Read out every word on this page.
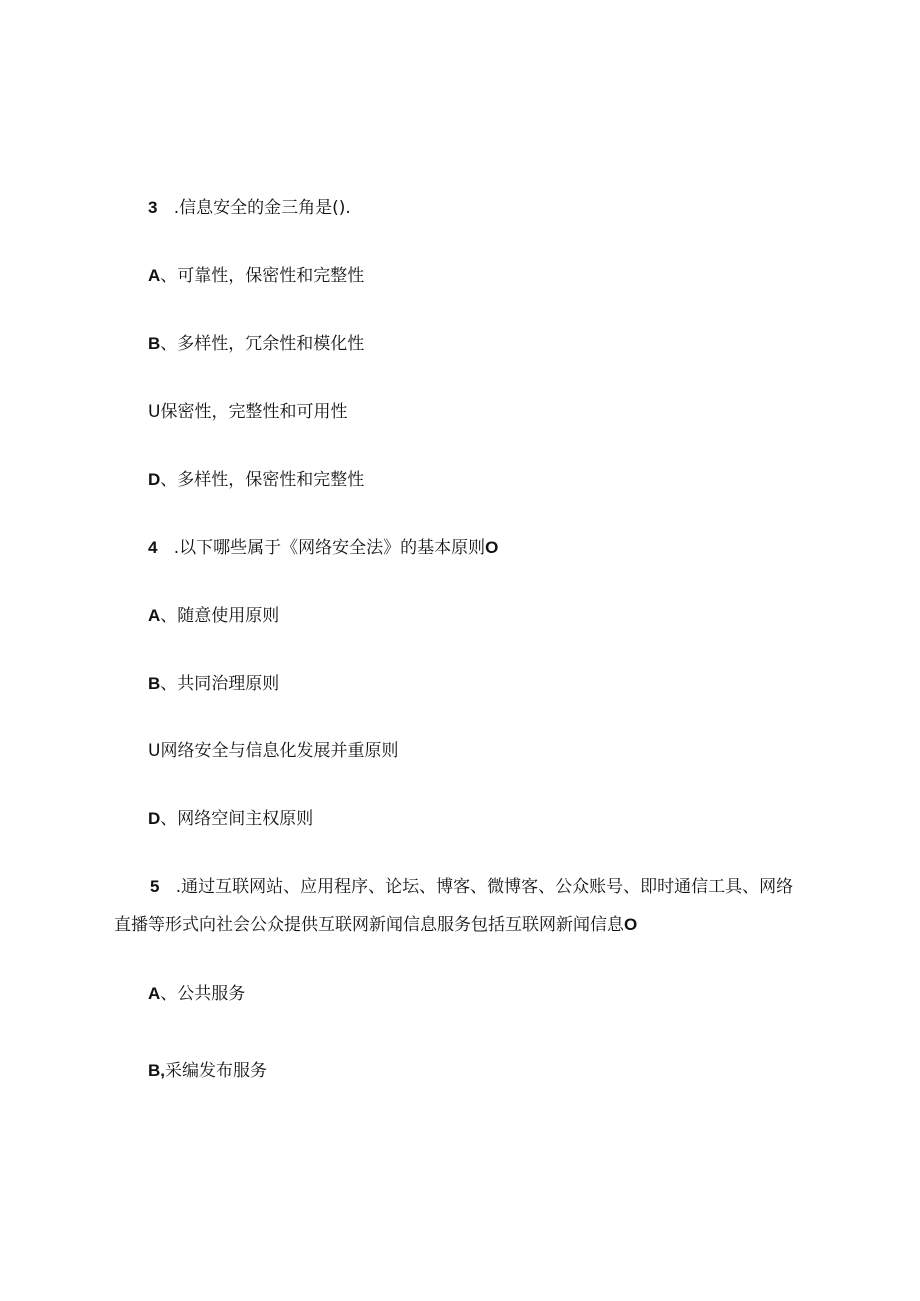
3 .信息安全的金三角是().
A、可靠性，保密性和完整性
B、多样性，冗余性和模化性
U保密性，完整性和可用性
D、多样性，保密性和完整性
4 .以下哪些属于《网络安全法》的基本原则O
A、随意使用原则
B、共同治理原则
U网络安全与信息化发展并重原则
D、网络空间主权原则
5 .通过互联网站、应用程序、论坛、博客、微博客、公众账号、即时通信工具、网络
直播等形式向社会公众提供互联网新闻信息服务包括互联网新闻信息O
A、公共服务
B,采编发布服务
